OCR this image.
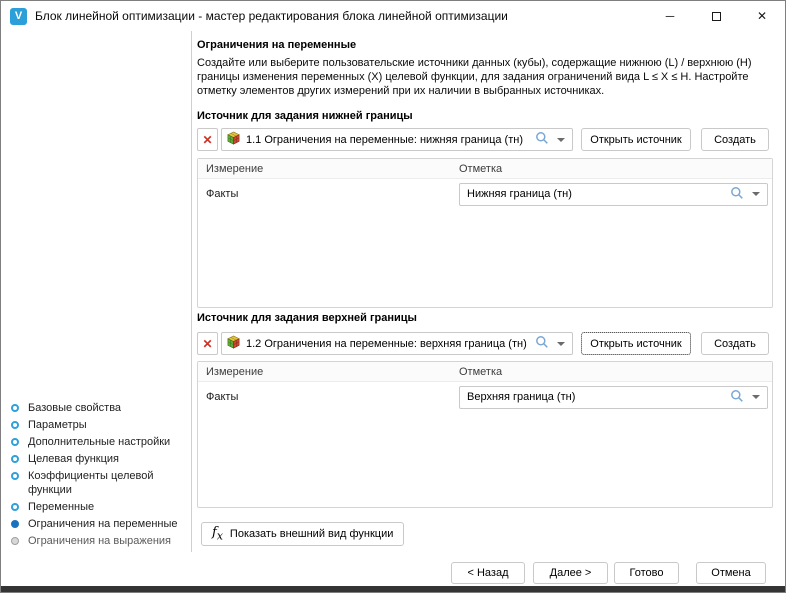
V	Блок линейной оптимизации - мастер редактирования блока линейной оптимизации	─	✕
Базовые свойства
Параметры
Дополнительные настройки
Целевая функция
Коэффициенты целевой функции
Переменные
Ограничения на переменные
Ограничения на выражения
Ограничения на переменные
Создайте или выберите пользовательские источники данных (кубы), содержащие нижнюю (L) / верхнюю (H) границы изменения переменных (X) целевой функции, для задания ограничений вида L ≤ X ≤ H. Настройте отметку элементов других измерений при их наличии в выбранных источниках.
Источник для задания нижней границы
✕	1.1 Ограничения на переменные: нижняя граница (тн)	Открыть источник	Создать
Измерение	Отметка
Факты	Нижняя граница (тн)
Источник для задания верхней границы
✕	1.2 Ограничения на переменные: верхняя граница (тн)	Открыть источник	Создать
Измерение	Отметка
Факты	Верхняя граница (тн)
$f_x$ Показать внешний вид функции
< Назад	Далее >	Готово	Отмена
